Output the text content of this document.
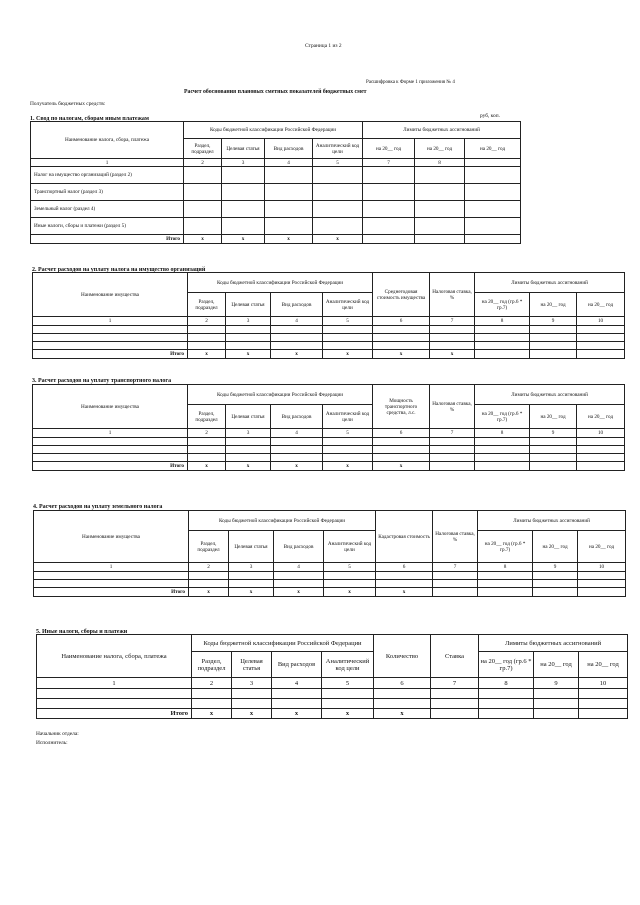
Страница 1 из 2
Расшифровка к Форме 1 приложения № 4
Расчет обоснования плановых сметных показателей бюджетных смет
Получатель бюджетных средств:
руб, коп.
1. Свод по налогам, сборам иным платежам
Наименование налога, сбора, платежа	Коды бюджетной классификации Российской Федерации				Лимиты бюджетных ассигнований		
	Раздел, подраздел	Целевая статья	Вид расходов	Аналитический код цели	на 20__ год	на 20__ год	на 20__ год
1	2	3	4	5	7	8	
Налог на имущество организаций (раздел 2)							
Транспортный налог (раздел 3)							
Земельный налог (раздел 4)							
Иные налоги, сборы и платежи (раздел 5)							
Итого	х	х	х	х			
2. Расчет расходов на уплату налога на имущество организаций
Наименование имущества	Коды бюджетной классификации Российской Федерации				Среднегодовая стоимость имущества	Налоговая ставка, %	Лимиты бюджетных ассигнований		
	Раздел, подраздел	Целевая статья	Вид расходов	Аналитический код цели			на 20__ год (гр.6 * гр.7)	на 20__ год	на 20__ год
1	2	3	4	5	6	7	8	9	10

Итого	х	х	х	х	х	х			
3. Расчет расходов на уплату транспортного налога
Наименование имущества	Коды бюджетной классификации Российской Федерации				Мощность транспортного средства, л.с.	Налоговая ставка, %	Лимиты бюджетных ассигнований		
	Раздел, подраздел	Целевая статья	Вид расходов	Аналитический код цели			на 20__ год (гр.6 * гр.7)	на 20__ год	на 20__ год
1	2	3	4	5	6	7	8	9	10

Итого	х	х	х	х	х				
4. Расчет расходов на уплату земельного налога
Наименование имущества	Коды бюджетной классификации Российской Федерации				Кадастровая стоимость	Налоговая ставка, %	Лимиты бюджетных ассигнований		
	Раздел, подраздел	Целевая статья	Вид расходов	Аналитический код цели			на 20__ год (гр.6 * гр.7)	на 20__ год	на 20__ год
1	2	3	4	5	6	7	8	9	10

Итого	х	х	х	х	х				
5. Иные налоги, сборы и платежи
Наименование налога, сбора, платежа	Коды бюджетной классификации Российской Федерации				Количество	Ставка	Лимиты бюджетных ассигнований		
	Раздел, подраздел	Целевая статья	Вид расходов	Аналитический код цели			на 20__ год (гр.6 * гр.7)	на 20__ год	на 20__ год
1	2	3	4	5	6	7	8	9	10

Итого	х	х	х	х	х				
Начальник отдела:
Исполнитель:
